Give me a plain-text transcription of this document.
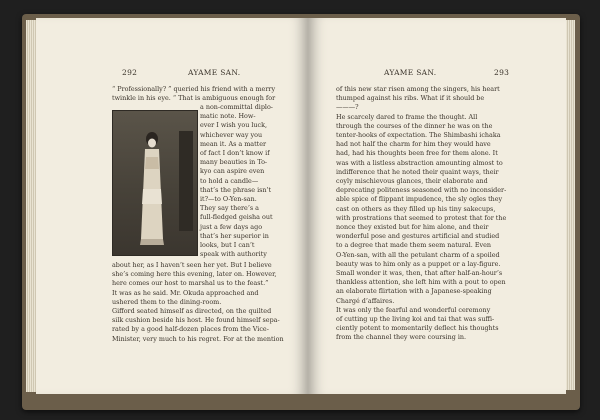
292	AYAME SAN.
“ Professionally? ” queried his friend with a merry
twinkle in his eye. “ That is ambiguous enough for
a non-committal diplo-
matic note. How-
ever I wish you luck,
whichever way you
mean it. As a matter
of fact I don’t know if
many beauties in To-
kyo can aspire even
to hold a candle—
that’s the phrase isn’t
it?—to O-Yen-san.
They say there’s a
full-fledged geisha out
just a few days ago
that’s her superior in
looks, but I can’t
speak with authority
about her, as I haven’t seen her yet. But I believe
she’s coming here this evening, later on. However,
here comes our host to marshal us to the feast.”
It was as he said. Mr. Okuda approached and
ushered them to the dining-room.
Gifford seated himself as directed, on the quilted
silk cushion beside his host. He found himself sepa-
rated by a good half-dozen places from the Vice-
Minister, very much to his regret. For at the mention
AYAME SAN.	293
of this new star risen among the singers, his heart
thumped against his ribs. What if it should be
———?
He scarcely dared to frame the thought. All
through the courses of the dinner he was on the
tenter-hooks of expectation. The Shimbashi ichaka
had not half the charm for him they would have
had, had his thoughts been free for them alone. It
was with a listless abstraction amounting almost to
indifference that he noted their quaint ways, their
coyly mischievous glances, their elaborate and
deprecating politeness seasoned with no inconsider-
able spice of flippant impudence, the sly ogles they
cast on others as they filled up his tiny sakecups,
with prostrations that seemed to protest that for the
nonce they existed but for him alone, and their
wonderful pose and gestures artificial and studied
to a degree that made them seem natural. Even
O-Yen-san, with all the petulant charm of a spoiled
beauty was to him only as a puppet or a lay-figure.
Small wonder it was, then, that after half-an-hour’s
thankless attention, she left him with a pout to open
an elaborate flirtation with a Japanese-speaking
Chargé d’affaires.
It was only the fearful and wonderful ceremony
of cutting up the living koi and tai that was suffi-
ciently potent to momentarily deflect his thoughts
from the channel they were coursing in.
